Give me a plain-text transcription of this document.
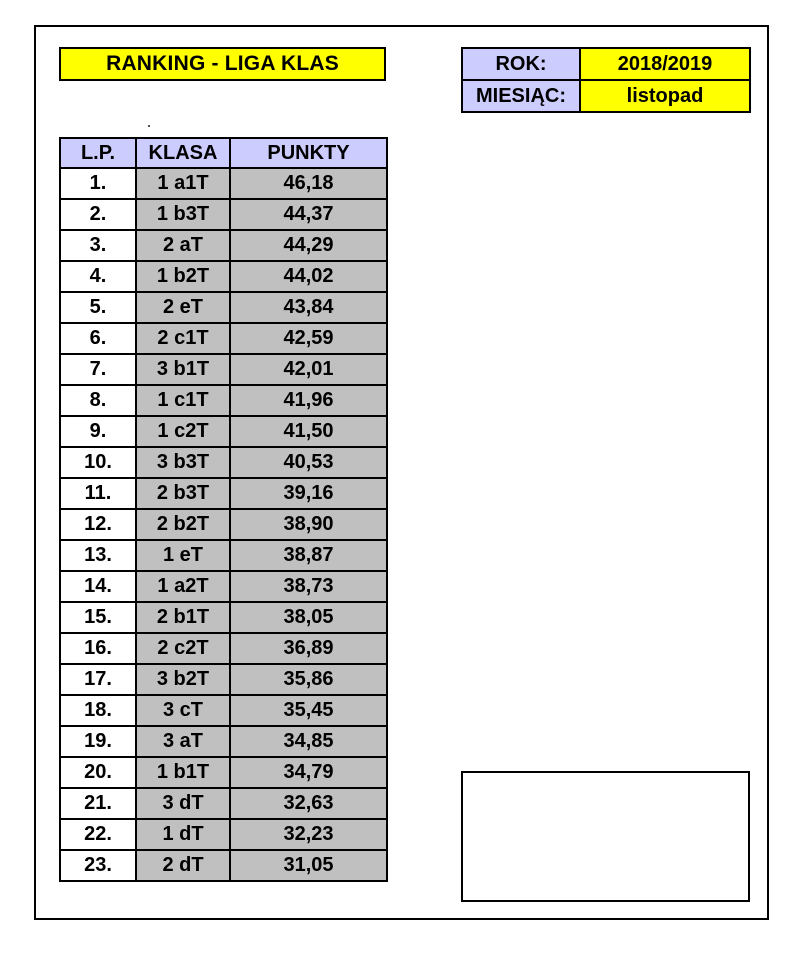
RANKING - LIGA KLAS	ROK:	2018/2019
MIESIĄC:	listopad
L.P.	KLASA	PUNKTY
1.	1 a1T	46,18
2.	1 b3T	44,37
3.	2 aT	44,29
4.	1 b2T	44,02
5.	2 eT	43,84
6.	2 c1T	42,59
7.	3 b1T	42,01
8.	1 c1T	41,96
9.	1 c2T	41,50
10.	3 b3T	40,53
11.	2 b3T	39,16
12.	2 b2T	38,90
13.	1 eT	38,87
14.	1 a2T	38,73
15.	2 b1T	38,05
16.	2 c2T	36,89
17.	3 b2T	35,86
18.	3 cT	35,45
19.	3 aT	34,85
20.	1 b1T	34,79
21.	3 dT	32,63
22.	1 dT	32,23
23.	2 dT	31,05
